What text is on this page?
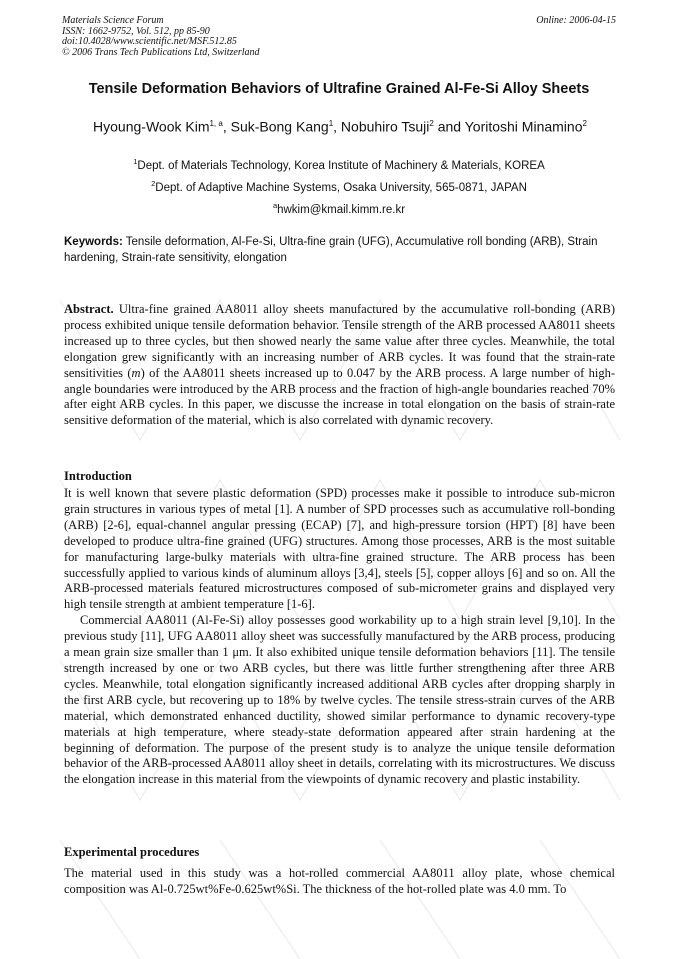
Materials Science Forum
ISSN: 1662-9752, Vol. 512, pp 85-90
doi:10.4028/www.scientific.net/MSF.512.85
© 2006 Trans Tech Publications Ltd, Switzerland
Online: 2006-04-15
Tensile Deformation Behaviors of Ultrafine Grained Al-Fe-Si Alloy Sheets
Hyoung-Wook Kim$^{1, a}$, Suk-Bong Kang$^1$, Nobuhiro Tsuji$^2$ and Yoritoshi Minamino$^2$
$^1$Dept. of Materials Technology, Korea Institute of Machinery & Materials, KOREA
$^2$Dept. of Adaptive Machine Systems, Osaka University, 565-0871, JAPAN
$^a$hwkim@kmail.kimm.re.kr
Keywords: Tensile deformation, Al-Fe-Si, Ultra-fine grain (UFG), Accumulative roll bonding (ARB), Strain hardening, Strain-rate sensitivity, elongation

Abstract. Ultra-fine grained AA8011 alloy sheets manufactured by the accumulative roll-bonding (ARB) process exhibited unique tensile deformation behavior. Tensile strength of the ARB processed AA8011 sheets increased up to three cycles, but then showed nearly the same value after three cycles. Meanwhile, the total elongation grew significantly with an increasing number of ARB cycles. It was found that the strain-rate sensitivities (m) of the AA8011 sheets increased up to 0.047 by the ARB process. A large number of high-angle boundaries were introduced by the ARB process and the fraction of high-angle boundaries reached 70% after eight ARB cycles. In this paper, we discusse the increase in total elongation on the basis of strain-rate sensitive deformation of the material, which is also correlated with dynamic recovery.

Introduction

It is well known that severe plastic deformation (SPD) processes make it possible to introduce sub-micron grain structures in various types of metal [1]. A number of SPD processes such as accumulative roll-bonding (ARB) [2-6], equal-channel angular pressing (ECAP) [7], and high-pressure torsion (HPT) [8] have been developed to produce ultra-fine grained (UFG) structures. Among those processes, ARB is the most suitable for manufacturing large-bulky materials with ultra-fine grained structure. The ARB process has been successfully applied to various kinds of aluminum alloys [3,4], steels [5], copper alloys [6] and so on. All the ARB-processed materials featured microstructures composed of sub-micrometer grains and displayed very high tensile strength at ambient temperature [1-6].

Commercial AA8011 (Al-Fe-Si) alloy possesses good workability up to a high strain level [9,10]. In the previous study [11], UFG AA8011 alloy sheet was successfully manufactured by the ARB process, producing a mean grain size smaller than 1 μm. It also exhibited unique tensile deformation behaviors [11]. The tensile strength increased by one or two ARB cycles, but there was little further strengthening after three ARB cycles. Meanwhile, total elongation significantly increased additional ARB cycles after dropping sharply in the first ARB cycle, but recovering up to 18% by twelve cycles. The tensile stress-strain curves of the ARB material, which demonstrated enhanced ductility, showed similar performance to dynamic recovery-type materials at high temperature, where steady-state deformation appeared after strain hardening at the beginning of deformation. The purpose of the present study is to analyze the unique tensile deformation behavior of the ARB-processed AA8011 alloy sheet in details, correlating with its microstructures. We discuss the elongation increase in this material from the viewpoints of dynamic recovery and plastic instability.

Experimental procedures

The material used in this study was a hot-rolled commercial AA8011 alloy plate, whose chemical composition was Al-0.725wt%Fe-0.625wt%Si. The thickness of the hot-rolled plate was 4.0 mm. To
